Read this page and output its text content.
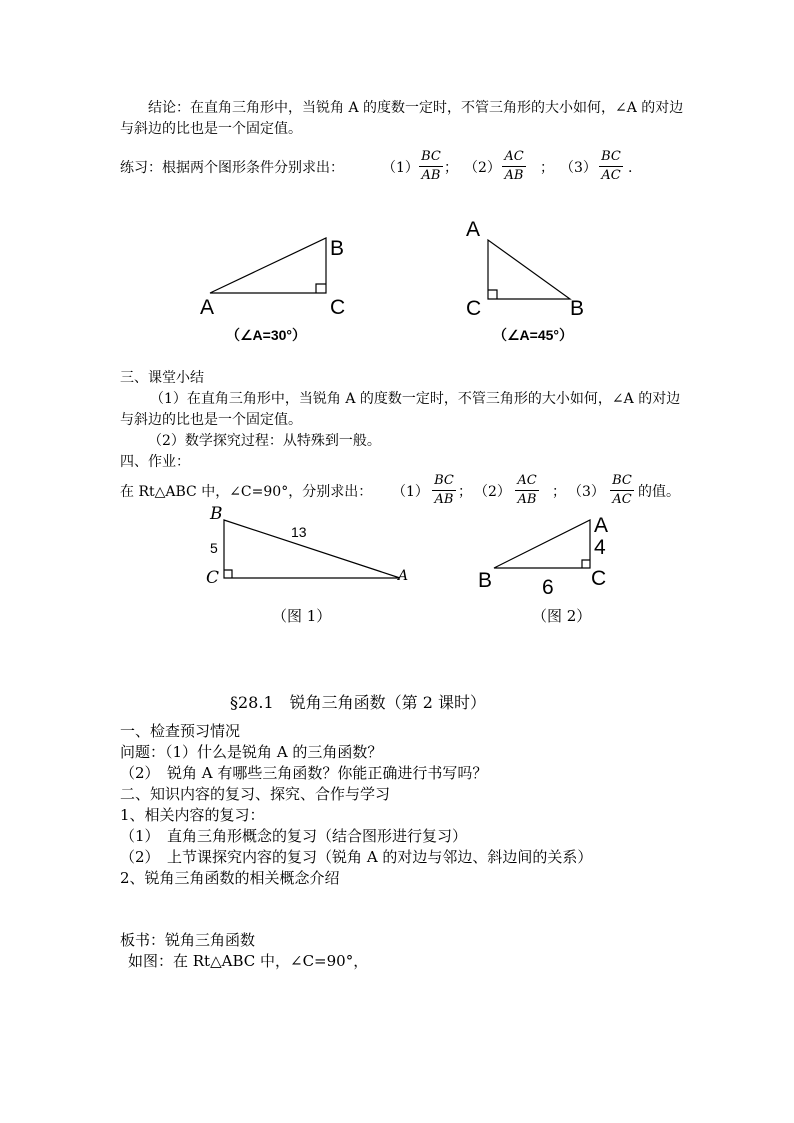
结论：在直角三角形中，当锐角 A 的度数一定时，不管三角形的大小如何，∠A 的对边
与斜边的比也是一个固定值。
练习：根据两个图形条件分别求出：	（1）
BC
AB ； （2）
AC
AB ； （3）
BC
AC .
B
A	C
（∠A=30°）
A
C	B
（∠A=45°）
三、课堂小结
（1）在直角三角形中，当锐角 A 的度数一定时，不管三角形的大小如何，∠A 的对边
与斜边的比也是一个固定值。
（2）数学探究过程：从特殊到一般。
四、作业：
在 Rt△ABC 中，∠C=90°，分别求出： （1）
BC
AB ； （2）
AC
AB ； （3）
BC
AC 的值。
B
C	A
5
13
（图 1）
A
4
B	C
6
（图 2）
§28.1　锐角三角函数（第 2 课时）
一、检查预习情况
问题：（1）什么是锐角 A 的三角函数？
（2）　锐角 A 有哪些三角函数？你能正确进行书写吗？
二、知识内容的复习、探究、合作与学习
1、相关内容的复习：
（1）　直角三角形概念的复习（结合图形进行复习）
（2）　上节课探究内容的复习（锐角 A 的对边与邻边、斜边间的关系）
2、锐角三角函数的相关概念介绍
板书：锐角三角函数
如图：在 Rt△ABC 中，∠C=90°，
